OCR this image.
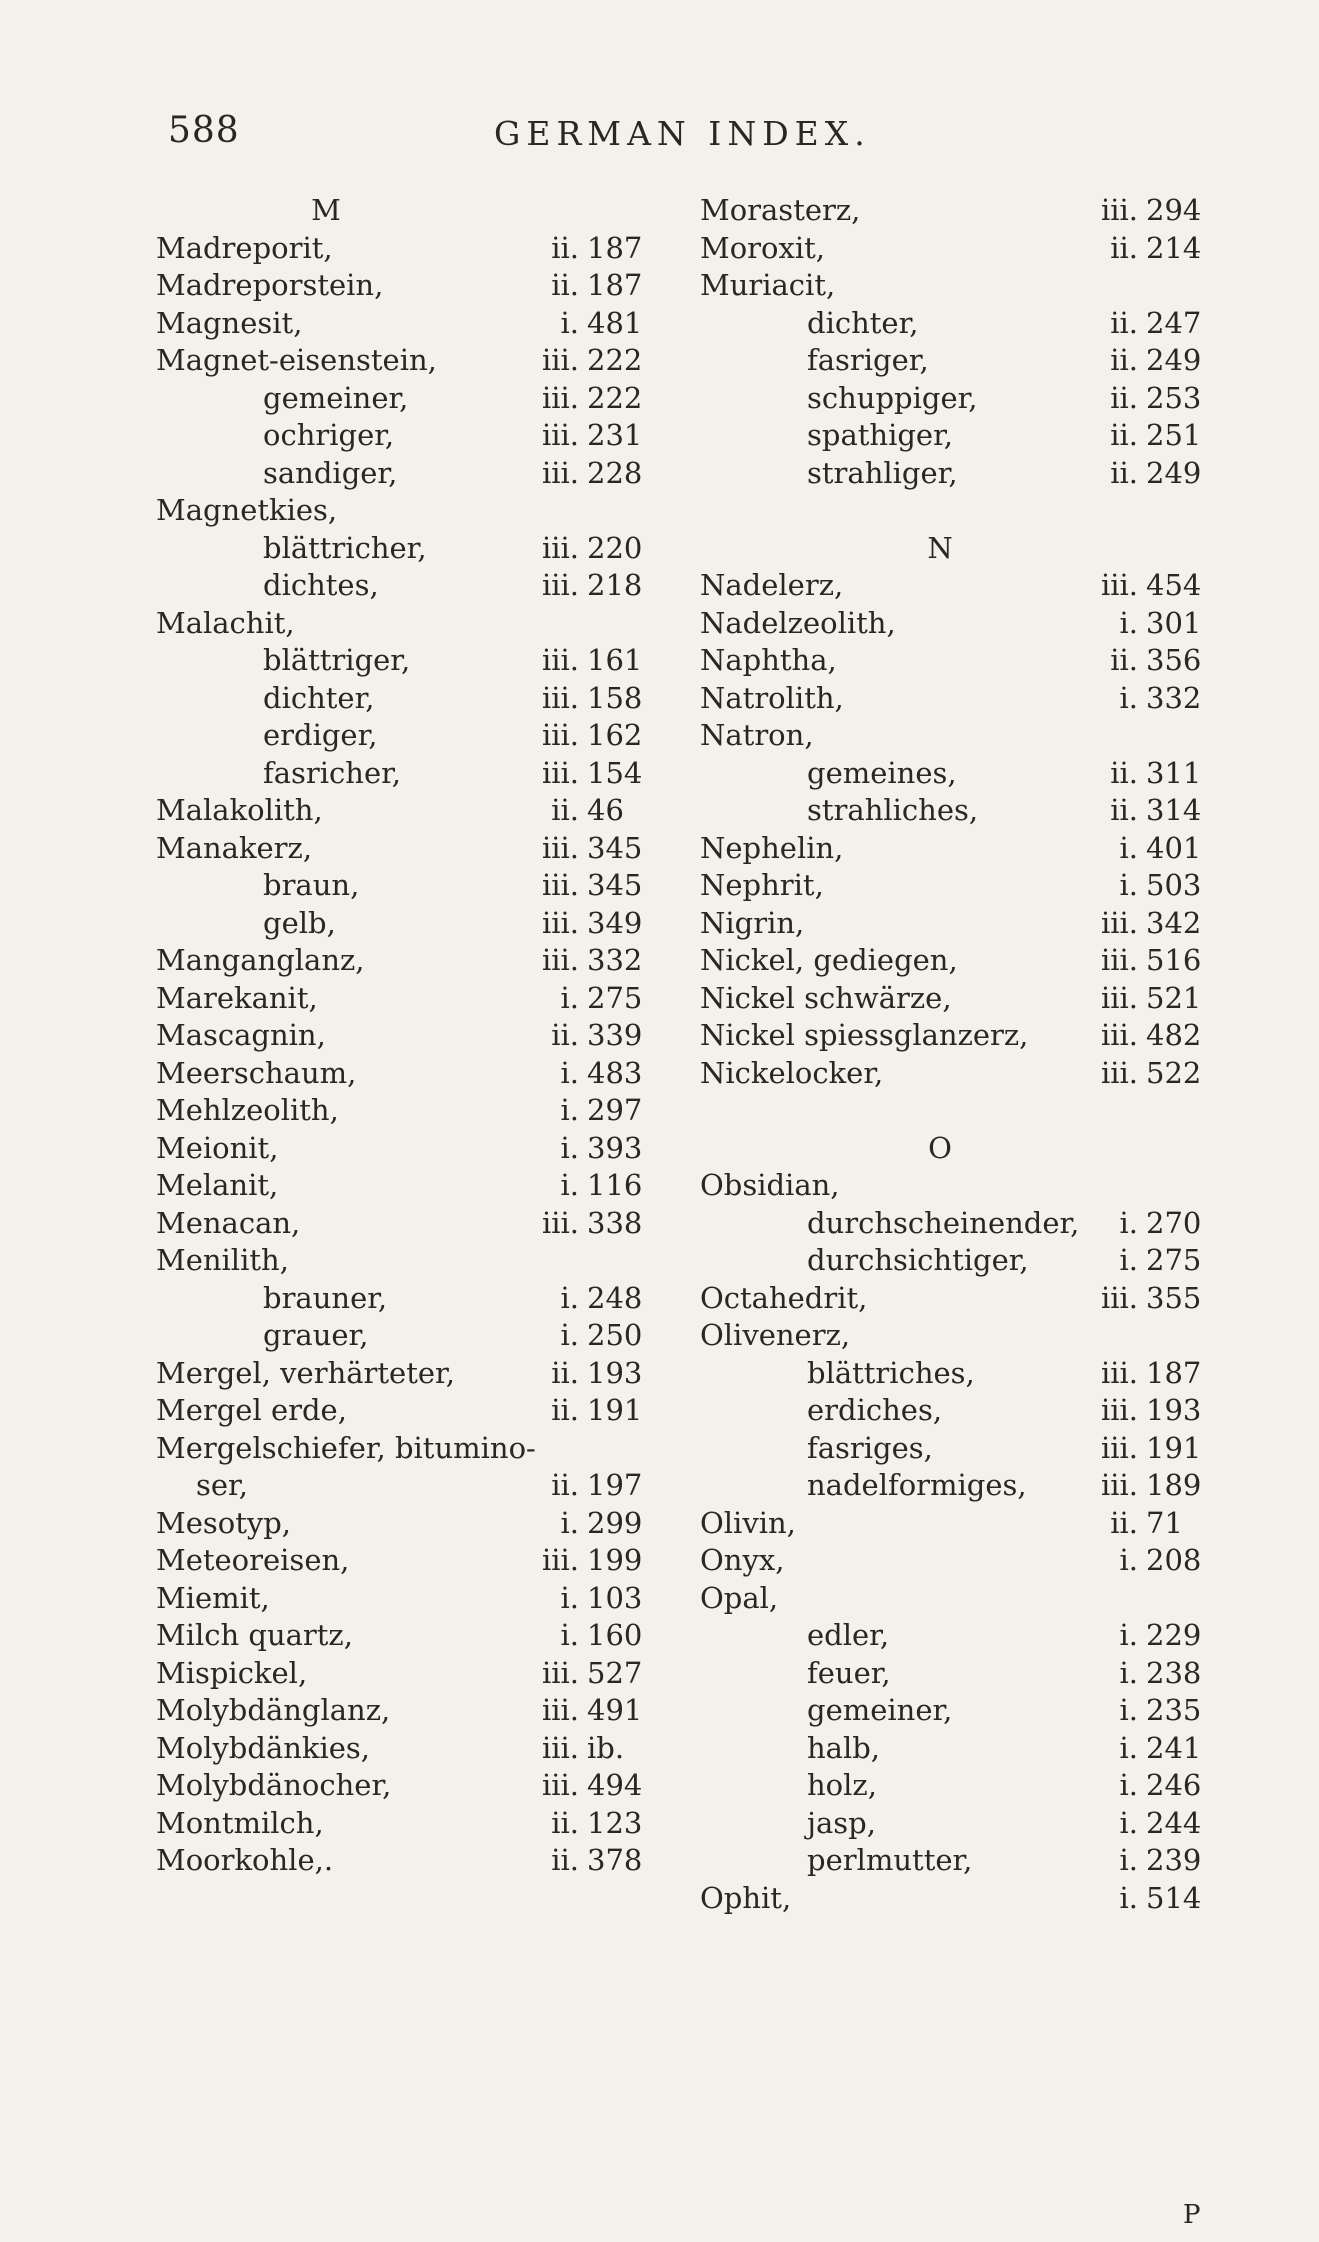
588	GERMAN INDEX.
M
Madreporit,	ii. 187
Madreporstein,	ii. 187
Magnesit,	i. 481
Magnet-eisenstein,	iii. 222
gemeiner,	iii. 222
ochriger,	iii. 231
sandiger,	iii. 228
Magnetkies,
blättricher,	iii. 220
dichtes,	iii. 218
Malachit,
blättriger,	iii. 161
dichter,	iii. 158
erdiger,	iii. 162
fasricher,	iii. 154
Malakolith,	ii. 46
Manakerz,	iii. 345
braun,	iii. 345
gelb,	iii. 349
Manganglanz,	iii. 332
Marekanit,	i. 275
Mascagnin,	ii. 339
Meerschaum,	i. 483
Mehlzeolith,	i. 297
Meionit,	i. 393
Melanit,	i. 116
Menacan,	iii. 338
Menilith,
brauner,	i. 248
grauer,	i. 250
Mergel, verhärteter,	ii. 193
Mergel erde,	ii. 191
Mergelschiefer, bitumino-
ser,	ii. 197
Mesotyp,	i. 299
Meteoreisen,	iii. 199
Miemit,	i. 103
Milch quartz,	i. 160
Mispickel,	iii. 527
Molybdänglanz,	iii. 491
Molybdänkies,	iii. ib.
Molybdänocher,	iii. 494
Montmilch,	ii. 123
Moorkohle,.	ii. 378
Morasterz,	iii. 294
Moroxit,	ii. 214
Muriacit,
dichter,	ii. 247
fasriger,	ii. 249
schuppiger,	ii. 253
spathiger,	ii. 251
strahliger,	ii. 249
N
Nadelerz,	iii. 454
Nadelzeolith,	i. 301
Naphtha,	ii. 356
Natrolith,	i. 332
Natron,
gemeines,	ii. 311
strahliches,	ii. 314
Nephelin,	i. 401
Nephrit,	i. 503
Nigrin,	iii. 342
Nickel, gediegen,	iii. 516
Nickel schwärze,	iii. 521
Nickel spiessglanzerz,	iii. 482
Nickelocker,	iii. 522
O
Obsidian,
durchscheinender,	i. 270
durchsichtiger,	i. 275
Octahedrit,	iii. 355
Olivenerz,
blättriches,	iii. 187
erdiches,	iii. 193
fasriges,	iii. 191
nadelformiges,	iii. 189
Olivin,	ii. 71
Onyx,	i. 208
Opal,
edler,	i. 229
feuer,	i. 238
gemeiner,	i. 235
halb,	i. 241
holz,	i. 246
jasp,	i. 244
perlmutter,	i. 239
Ophit,	i. 514
P
